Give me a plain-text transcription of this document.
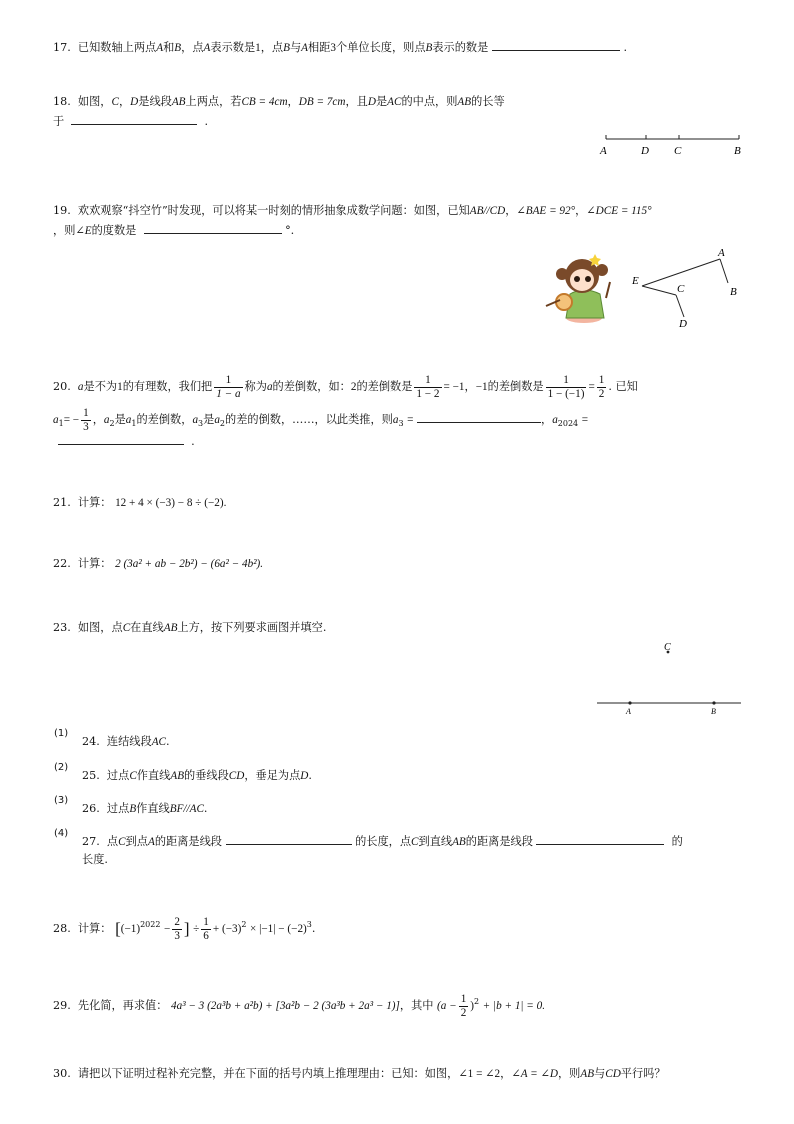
17. 已知数轴上两点A和B，点A表示数是1，点B与A相距3个单位长度，则点B表示的数是	.
18. 如图，C，D是线段AB上两点，若CB = 4cm，DB = 7cm，且D是AC的中点，则AB的长等
于	.
A	D C	B
19. 欢欢观察“抖空竹”时发现，可以将某一时刻的情形抽象成数学问题：如图，已知AB//CD，∠BAE = 92°，∠DCE = 115°
，则∠E的度数是	°.
A
B
E
C
D
20. a是不为1的有理数，我们把 $\frac{1}{1 - a}$ 称为a的差倒数，如：2的差倒数是 $\frac{1}{1 - 2} = -1$，−1的差倒数是 $\frac{1}{1 - (-1)} = \frac{1}{2}$ . 已知
$a_1= - \frac{1}{3}$ ，$a_2$是$a_1$的差倒数，$a_3$是$a_2$的差的倒数，……，以此类推，则$a_3$ =	，$a_{2024}$ =
.
21. 计算： 12 + 4 × (−3) − 8 ÷ (−2).
22. 计算： 2 (3a² + ab − 2b²) − (6a² − 4b²).
23. 如图，点C在直线AB上方，按下列要求画图并填空.
C
A	B
(1)
24. 连结线段AC.
(2)
25. 过点C作直线AB的垂线段CD，垂足为点D.
(3)
26. 过点B作直线BF//AC.
(4)
27. 点C到点A的距离是线段	的长度，点C到直线AB的距离是线段	的
长度.
28. 计算： [$(-1)^{2022} - \frac{2}{3}$ ] ÷ $\frac{1}{6} + (-3)^2 \times |-1| - (-2)^3$.
29. 先化简，再求值： 4a³ − 3 (2a³b + a²b) + [3a²b − 2 (3a³b + 2a³ − 1)]，其中 $(a - \frac{1}{2} )^2 + |b + 1| = 0$.
30. 请把以下证明过程补充完整，并在下面的括号内填上推理理由：已知：如图，∠1 = ∠2，∠A = ∠D，则AB与CD平行吗？
